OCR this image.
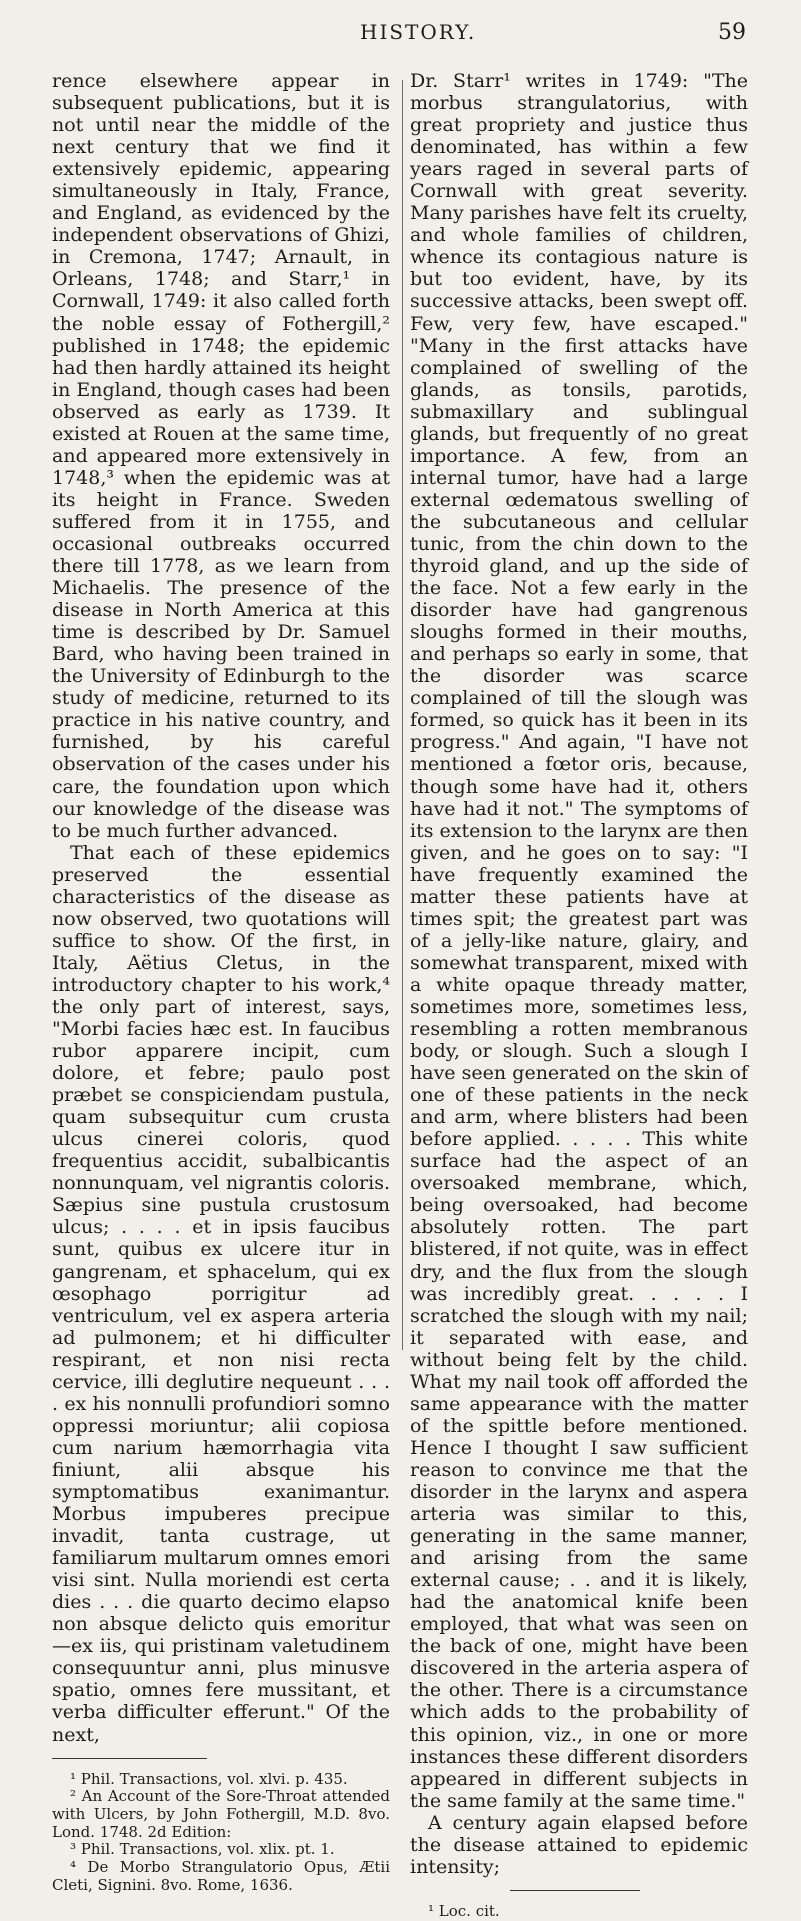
HISTORY.	59

rence elsewhere appear in subsequent publications, but it is not until near the middle of the next century that we find it extensively epidemic, appearing simultaneously in Italy, France, and England, as evidenced by the independent observations of Ghizi, in Cremona, 1747; Arnault, in Orleans, 1748; and Starr,¹ in Cornwall, 1749: it also called forth the noble essay of Fothergill,² published in 1748; the epidemic had then hardly attained its height in England, though cases had been observed as early as 1739. It existed at Rouen at the same time, and appeared more extensively in 1748,³ when the epidemic was at its height in France. Sweden suffered from it in 1755, and occasional outbreaks occurred there till 1778, as we learn from Michaelis. The presence of the disease in North America at this time is described by Dr. Samuel Bard, who having been trained in the University of Edinburgh to the study of medicine, returned to its practice in his native country, and furnished, by his careful observation of the cases under his care, the foundation upon which our knowledge of the disease was to be much further advanced.

That each of these epidemics preserved the essential characteristics of the disease as now observed, two quotations will suffice to show. Of the first, in Italy, Aëtius Cletus, in the introductory chapter to his work,⁴ the only part of interest, says, "Morbi facies hæc est. In faucibus rubor apparere incipit, cum dolore, et febre; paulo post præbet se conspiciendam pustula, quam subsequitur cum crusta ulcus cinerei coloris, quod frequentius accidit, subalbicantis nonnunquam, vel nigrantis coloris. Sæpius sine pustula crustosum ulcus; . . . . et in ipsis faucibus sunt, quibus ex ulcere itur in gangrenam, et sphacelum, qui ex œsophago porrigitur ad ventriculum, vel ex aspera arteria ad pulmonem; et hi difficulter respirant, et non nisi recta cervice, illi deglutire nequeunt . . . . ex his nonnulli profundiori somno oppressi moriuntur; alii copiosa cum narium hæmorrhagia vita finiunt, alii absque his symptomatibus exanimantur. Morbus impuberes precipue invadit, tanta custrage, ut familiarum multarum omnes emori visi sint. Nulla moriendi est certa dies . . . die quarto decimo elapso non absque delicto quis emoritur—ex iis, qui pristinam valetudinem consequuntur anni, plus minusve spatio, omnes fere mussitant, et verba difficulter efferunt." Of the next,

¹ Phil. Transactions, vol. xlvi. p. 435.

² An Account of the Sore-Throat attended with Ulcers, by John Fothergill, M.D. 8vo. Lond. 1748. 2d Edition:

³ Phil. Transactions, vol. xlix. pt. 1.

⁴ De Morbo Strangulatorio Opus, Ætii Cleti, Signini. 8vo. Rome, 1636.

Dr. Starr¹ writes in 1749: "The morbus strangulatorius, with great propriety and justice thus denominated, has within a few years raged in several parts of Cornwall with great severity. Many parishes have felt its cruelty, and whole families of children, whence its contagious nature is but too evident, have, by its successive attacks, been swept off. Few, very few, have escaped." "Many in the first attacks have complained of swelling of the glands, as tonsils, parotids, submaxillary and sublingual glands, but frequently of no great importance. A few, from an internal tumor, have had a large external œdematous swelling of the subcutaneous and cellular tunic, from the chin down to the thyroid gland, and up the side of the face. Not a few early in the disorder have had gangrenous sloughs formed in their mouths, and perhaps so early in some, that the disorder was scarce complained of till the slough was formed, so quick has it been in its progress." And again, "I have not mentioned a fœtor oris, because, though some have had it, others have had it not." The symptoms of its extension to the larynx are then given, and he goes on to say: "I have frequently examined the matter these patients have at times spit; the greatest part was of a jelly-like nature, glairy, and somewhat transparent, mixed with a white opaque thready matter, sometimes more, sometimes less, resembling a rotten membranous body, or slough. Such a slough I have seen generated on the skin of one of these patients in the neck and arm, where blisters had been before applied. . . . . This white surface had the aspect of an oversoaked membrane, which, being oversoaked, had become absolutely rotten. The part blistered, if not quite, was in effect dry, and the flux from the slough was incredibly great. . . . . I scratched the slough with my nail; it separated with ease, and without being felt by the child. What my nail took off afforded the same appearance with the matter of the spittle before mentioned. Hence I thought I saw sufficient reason to convince me that the disorder in the larynx and aspera arteria was similar to this, generating in the same manner, and arising from the same external cause; . . and it is likely, had the anatomical knife been employed, that what was seen on the back of one, might have been discovered in the arteria aspera of the other. There is a circumstance which adds to the probability of this opinion, viz., in one or more instances these different disorders appeared in different subjects in the same family at the same time."

A century again elapsed before the disease attained to epidemic intensity;

¹ Loc. cit.
